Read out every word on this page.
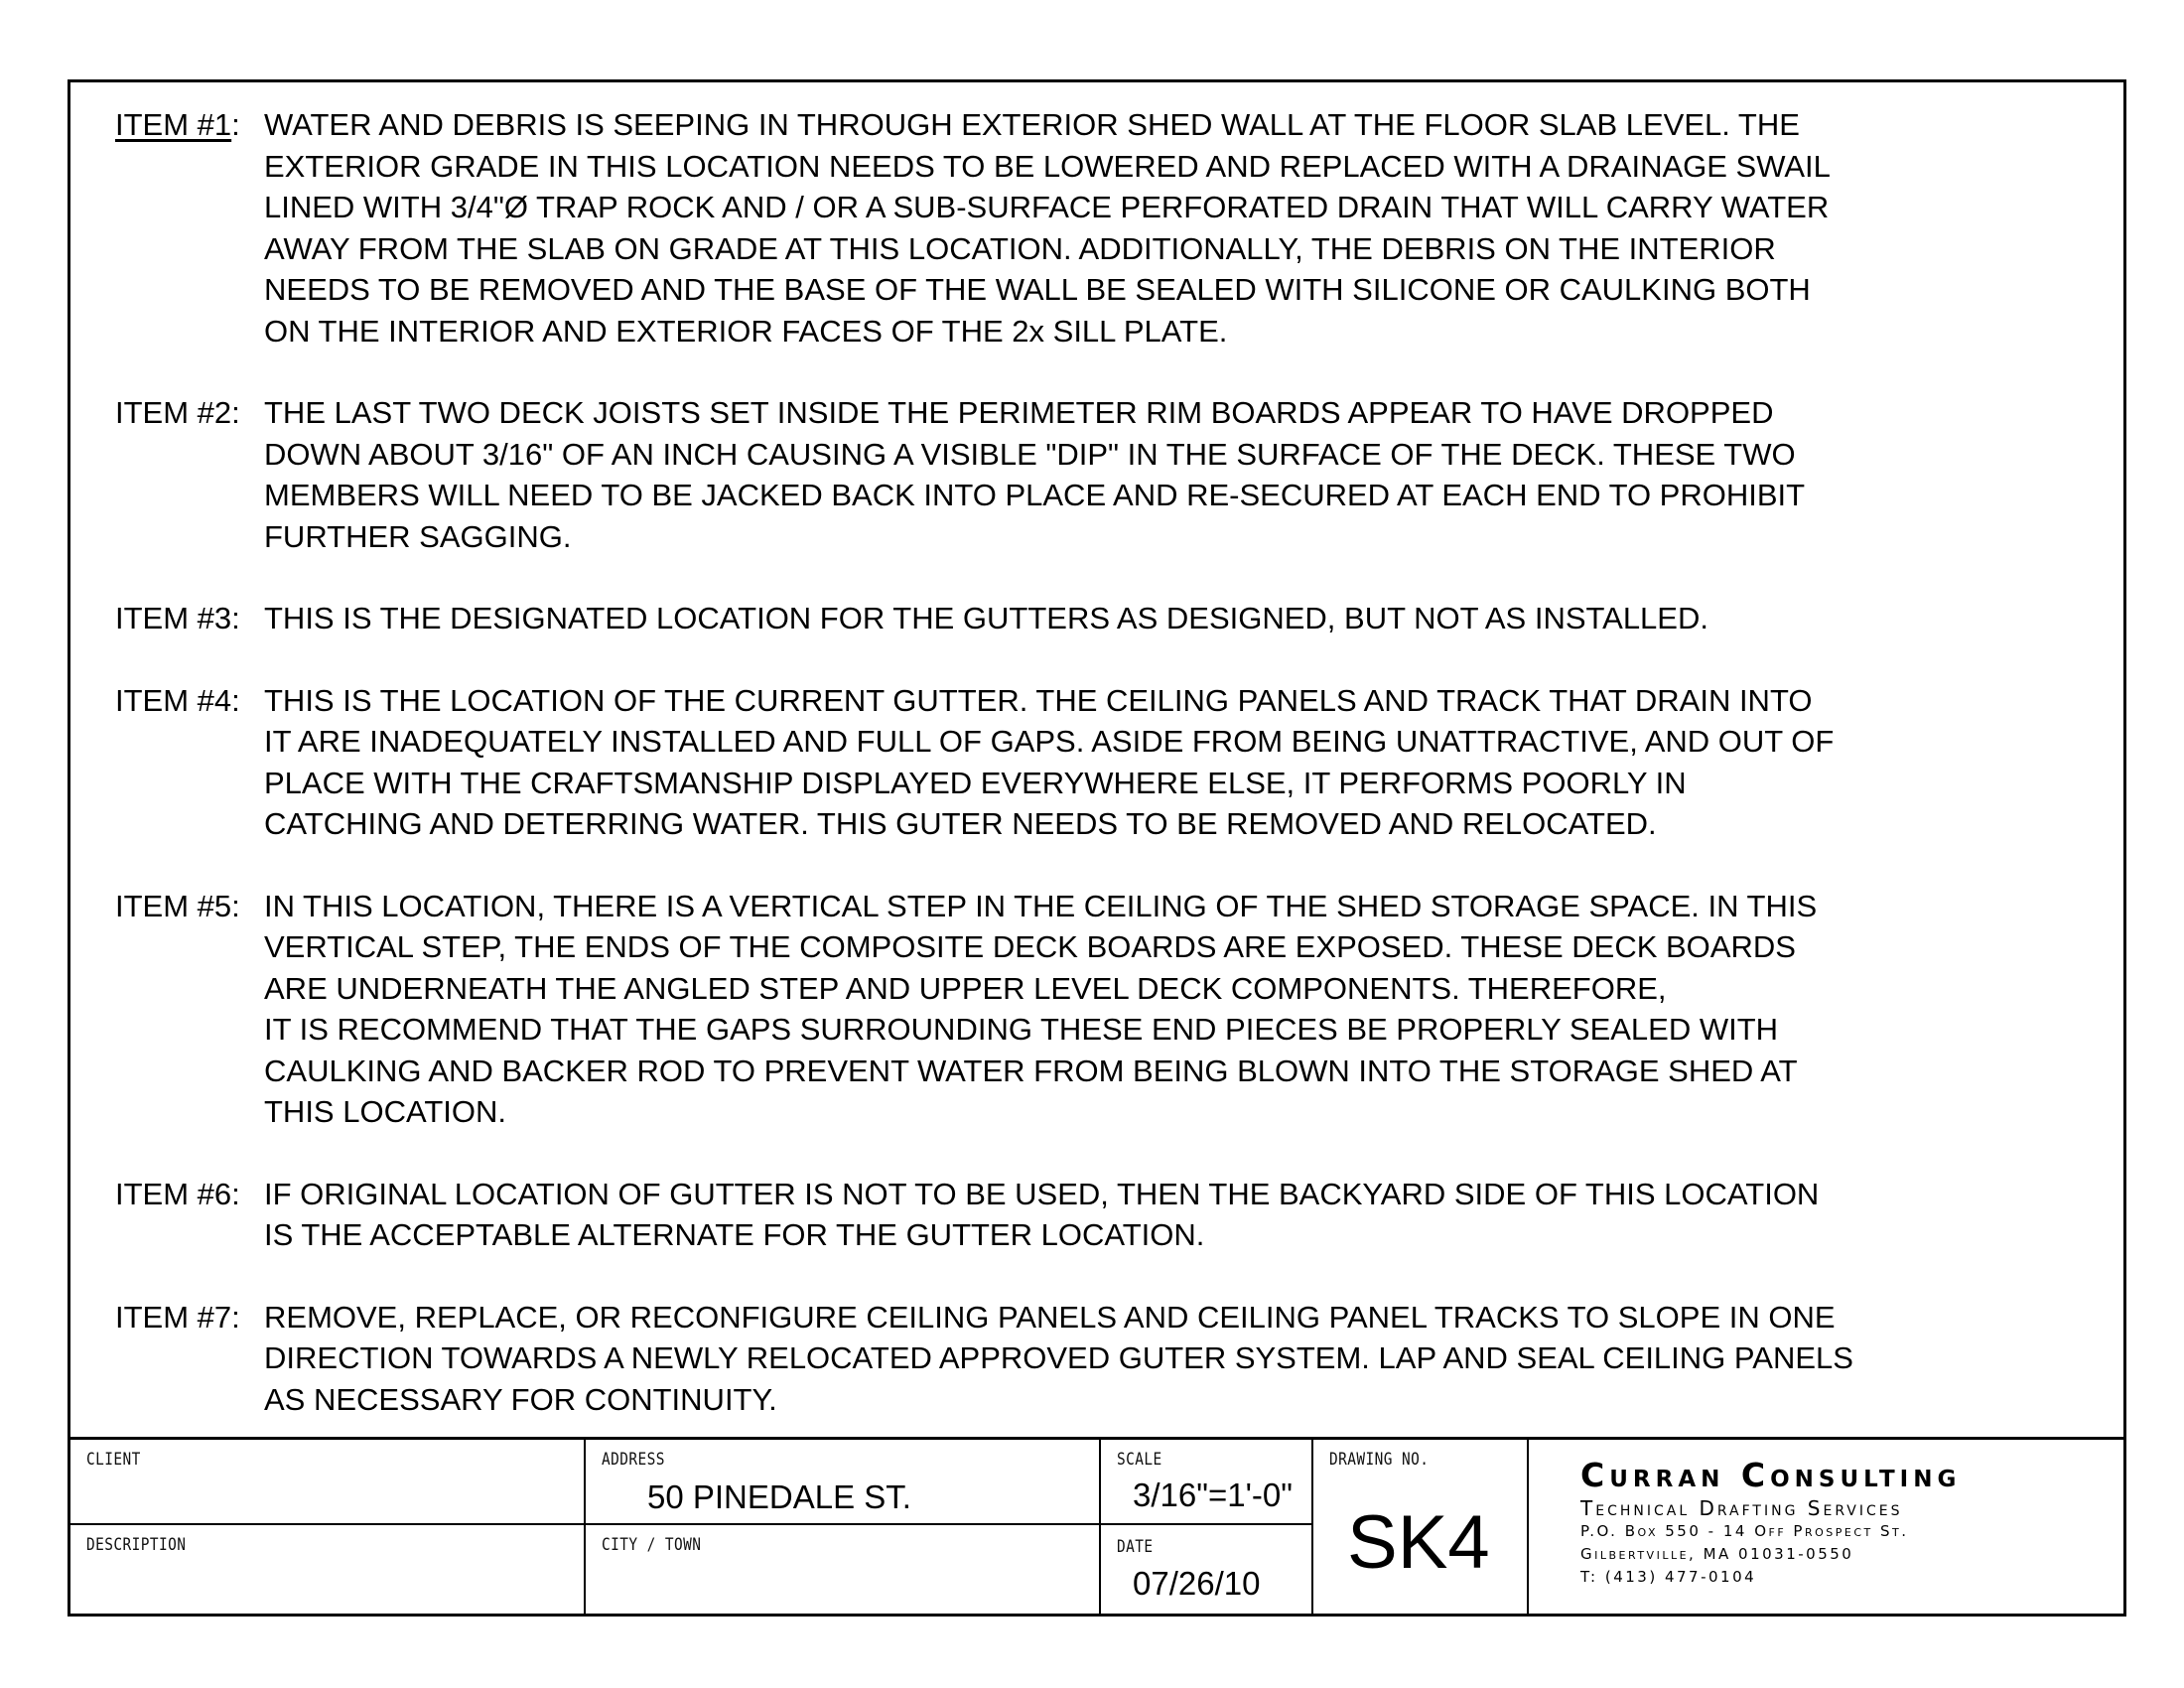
ITEM #1: WATER AND DEBRIS IS SEEPING IN THROUGH EXTERIOR SHED WALL AT THE FLOOR SLAB LEVEL. THE
EXTERIOR GRADE IN THIS LOCATION NEEDS TO BE LOWERED AND REPLACED WITH A DRAINAGE SWAIL
LINED WITH 3/4"Ø TRAP ROCK AND / OR A SUB-SURFACE PERFORATED DRAIN THAT WILL CARRY WATER
AWAY FROM THE SLAB ON GRADE AT THIS LOCATION. ADDITIONALLY, THE DEBRIS ON THE INTERIOR
NEEDS TO BE REMOVED AND THE BASE OF THE WALL BE SEALED WITH SILICONE OR CAULKING BOTH
ON THE INTERIOR AND EXTERIOR FACES OF THE 2x SILL PLATE.
ITEM #2: THE LAST TWO DECK JOISTS SET INSIDE THE PERIMETER RIM BOARDS APPEAR TO HAVE DROPPED
DOWN ABOUT 3/16" OF AN INCH CAUSING A VISIBLE "DIP" IN THE SURFACE OF THE DECK. THESE TWO
MEMBERS WILL NEED TO BE JACKED BACK INTO PLACE AND RE-SECURED AT EACH END TO PROHIBIT
FURTHER SAGGING.
ITEM #3: THIS IS THE DESIGNATED LOCATION FOR THE GUTTERS AS DESIGNED, BUT NOT AS INSTALLED.
ITEM #4: THIS IS THE LOCATION OF THE CURRENT GUTTER. THE CEILING PANELS AND TRACK THAT DRAIN INTO
IT ARE INADEQUATELY INSTALLED AND FULL OF GAPS. ASIDE FROM BEING UNATTRACTIVE, AND OUT OF
PLACE WITH THE CRAFTSMANSHIP DISPLAYED EVERYWHERE ELSE, IT PERFORMS POORLY IN
CATCHING AND DETERRING WATER. THIS GUTER NEEDS TO BE REMOVED AND RELOCATED.
ITEM #5: IN THIS LOCATION, THERE IS A VERTICAL STEP IN THE CEILING OF THE SHED STORAGE SPACE. IN THIS
VERTICAL STEP, THE ENDS OF THE COMPOSITE DECK BOARDS ARE EXPOSED. THESE DECK BOARDS
ARE UNDERNEATH THE ANGLED STEP AND UPPER LEVEL DECK COMPONENTS. THEREFORE,
IT IS RECOMMEND THAT THE GAPS SURROUNDING THESE END PIECES BE PROPERLY SEALED WITH
CAULKING AND BACKER ROD TO PREVENT WATER FROM BEING BLOWN INTO THE STORAGE SHED AT
THIS LOCATION.
ITEM #6: IF ORIGINAL LOCATION OF GUTTER IS NOT TO BE USED, THEN THE BACKYARD SIDE OF THIS LOCATION
IS THE ACCEPTABLE ALTERNATE FOR THE GUTTER LOCATION.
ITEM #7: REMOVE, REPLACE, OR RECONFIGURE CEILING PANELS AND CEILING PANEL TRACKS TO SLOPE IN ONE
DIRECTION TOWARDS A NEWLY RELOCATED APPROVED GUTER SYSTEM. LAP AND SEAL CEILING PANELS
AS NECESSARY FOR CONTINUITY.
CLIENT
DESCRIPTION
ADDRESS
50 PINEDALE ST.
CITY / TOWN
SCALE
3/16"=1'-0"
DATE
07/26/10
DRAWING NO.
SK4
Curran Consulting
Technical Drafting Services
P.O. Box 550 - 14 Off Prospect St.
Gilbertville, MA 01031-0550
T: (413) 477-0104
